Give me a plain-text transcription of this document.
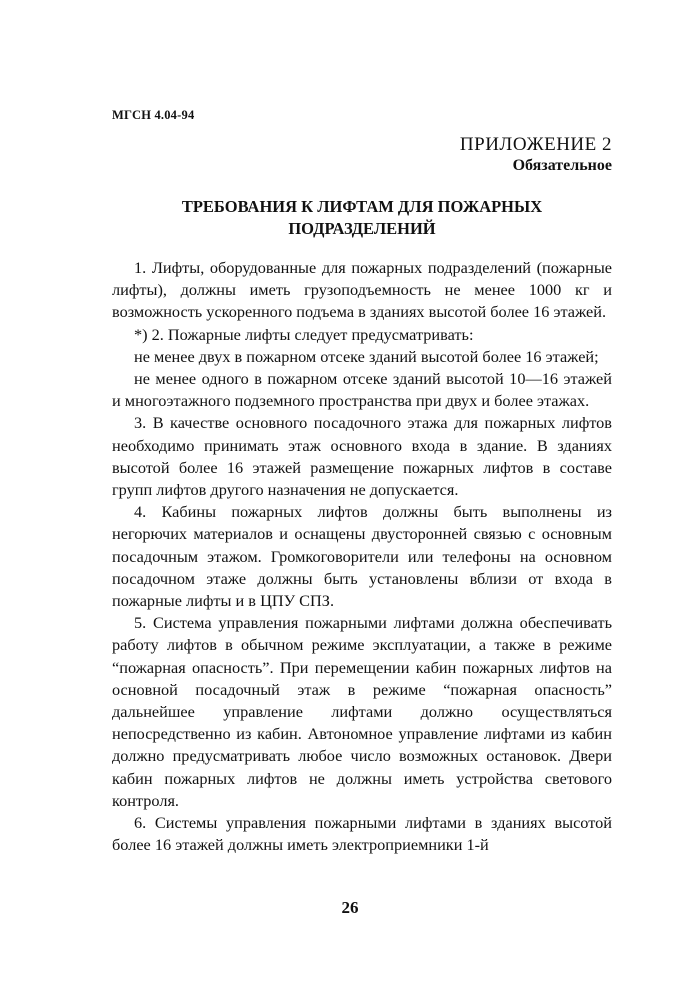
МГСН 4.04-94
ПРИЛОЖЕНИЕ 2
Обязательное
ТРЕБОВАНИЯ К ЛИФТАМ ДЛЯ ПОЖАРНЫХ
ПОДРАЗДЕЛЕНИЙ

1. Лифты, оборудованные для пожарных подразделений (пожарные лифты), должны иметь грузоподъемность не менее 1000 кг и возможность ускоренного подъема в зданиях высотой более 16 этажей.

*) 2. Пожарные лифты следует предусматривать:

не менее двух в пожарном отсеке зданий высотой более 16 этажей;

не менее одного в пожарном отсеке зданий высотой 10—16 этажей и многоэтажного подземного пространства при двух и более этажах.

3. В качестве основного посадочного этажа для пожарных лифтов необходимо принимать этаж основного входа в здание. В зданиях высотой более 16 этажей размещение пожарных лифтов в составе групп лифтов другого назначения не допускается.

4. Кабины пожарных лифтов должны быть выполнены из негорючих материалов и оснащены двусторонней связью с основным посадочным этажом. Громкоговорители или телефоны на основном посадочном этаже должны быть установлены вблизи от входа в пожарные лифты и в ЦПУ СПЗ.

5. Система управления пожарными лифтами должна обеспечивать работу лифтов в обычном режиме эксплуатации, а также в режиме “пожарная опасность”. При перемещении кабин пожарных лифтов на основной посадочный этаж в режиме “пожарная опасность” дальнейшее управление лифтами должно осуществляться непосредственно из кабин. Автономное управление лифтами из кабин должно предусматривать любое число возможных остановок. Двери кабин пожарных лифтов не должны иметь устройства светового контроля.

6. Системы управления пожарными лифтами в зданиях высотой более 16 этажей должны иметь электроприемники 1-й

26
